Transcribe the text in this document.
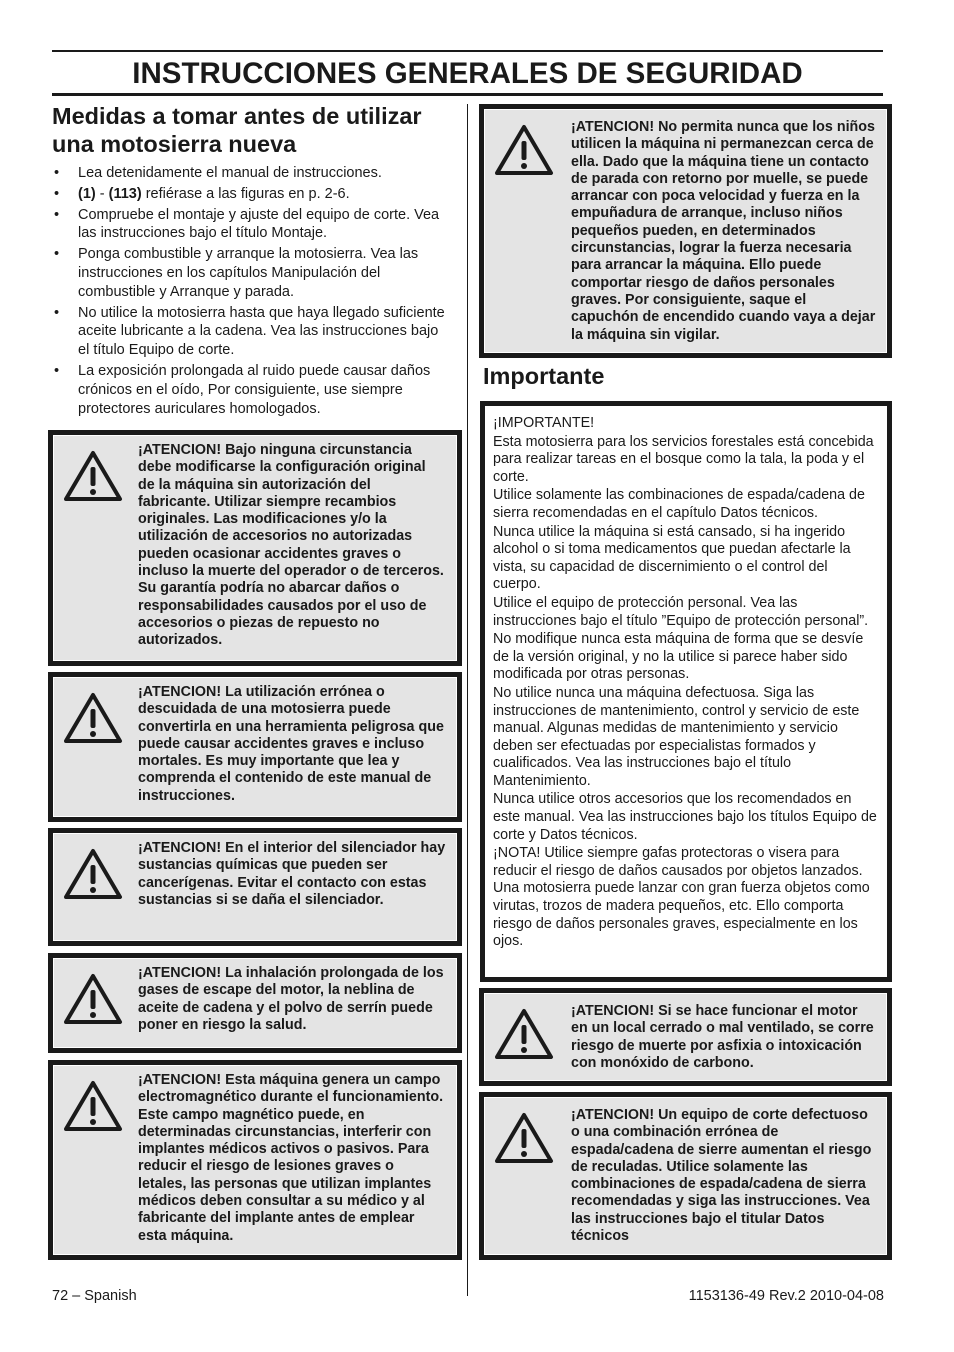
INSTRUCCIONES GENERALES DE SEGURIDAD
Medidas a tomar antes de utilizar una motosierra nueva
• Lea detenidamente el manual de instrucciones.
• (1) - (113) refiérase a las figuras en p. 2-6.
• Compruebe el montaje y ajuste del equipo de corte. Vea las instrucciones bajo el título Montaje.
• Ponga combustible y arranque la motosierra. Vea las instrucciones en los capítulos Manipulación del combustible y Arranque y parada.
• No utilice la motosierra hasta que haya llegado suficiente aceite lubricante a la cadena. Vea las instrucciones bajo el título Equipo de corte.
• La exposición prolongada al ruido puede causar daños crónicos en el oído, Por consiguiente, use siempre protectores auriculares homologados.

¡ATENCION! Bajo ninguna circunstancia debe modificarse la configuración original de la máquina sin autorización del fabricante. Utilizar siempre recambios originales. Las modificaciones y/o la utilización de accesorios no autorizadas pueden ocasionar accidentes graves o incluso la muerte del operador o de terceros. Su garantía podría no abarcar daños o responsabilidades causados por el uso de accesorios o piezas de repuesto no autorizados.

¡ATENCION! La utilización errónea o descuidada de una motosierra puede convertirla en una herramienta peligrosa que puede causar accidentes graves e incluso mortales. Es muy importante que lea y comprenda el contenido de este manual de instrucciones.

¡ATENCION! En el interior del silenciador hay sustancias químicas que pueden ser cancerígenas. Evitar el contacto con estas sustancias si se daña el silenciador.

¡ATENCION! La inhalación prolongada de los gases de escape del motor, la neblina de aceite de cadena y el polvo de serrín puede poner en riesgo la salud.

¡ATENCION! Esta máquina genera un campo electromagnético durante el funcionamiento. Este campo magnético puede, en determinadas circunstancias, interferir con implantes médicos activos o pasivos. Para reducir el riesgo de lesiones graves o letales, las personas que utilizan implantes médicos deben consultar a su médico y al fabricante del implante antes de emplear esta máquina.

¡ATENCION! No permita nunca que los niños utilicen la máquina ni permanezcan cerca de ella. Dado que la máquina tiene un contacto de parada con retorno por muelle, se puede arrancar con poca velocidad y fuerza en la empuñadura de arranque, incluso niños pequeños pueden, en determinados circunstancias, lograr la fuerza necesaria para arrancar la máquina. Ello puede comportar riesgo de daños personales graves. Por consiguiente, saque el capuchón de encendido cuando vaya a dejar la máquina sin vigilar.

Importante

¡IMPORTANTE!

Esta motosierra para los servicios forestales está concebida para realizar tareas en el bosque como la tala, la poda y el corte.

Utilice solamente las combinaciones de espada/cadena de sierra recomendadas en el capítulo Datos técnicos.

Nunca utilice la máquina si está cansado, si ha ingerido alcohol o si toma medicamentos que puedan afectarle la vista, su capacidad de discernimiento o el control del cuerpo.

Utilice el equipo de protección personal. Vea las instrucciones bajo el título ”Equipo de protección personal”.

No modifique nunca esta máquina de forma que se desvíe de la versión original, y no la utilice si parece haber sido modificada por otras personas.

No utilice nunca una máquina defectuosa. Siga las instrucciones de mantenimiento, control y servicio de este manual. Algunas medidas de mantenimiento y servicio deben ser efectuadas por especialistas formados y cualificados. Vea las instrucciones bajo el título Mantenimiento.

Nunca utilice otros accesorios que los recomendados en este manual. Vea las instrucciones bajo los títulos Equipo de corte y Datos técnicos.

¡NOTA! Utilice siempre gafas protectoras o visera para reducir el riesgo de daños causados por objetos lanzados. Una motosierra puede lanzar con gran fuerza objetos como virutas, trozos de madera pequeños, etc. Ello comporta riesgo de daños personales graves, especialmente en los ojos.

¡ATENCION! Si se hace funcionar el motor en un local cerrado o mal ventilado, se corre riesgo de muerte por asfixia o intoxicación con monóxido de carbono.

¡ATENCION! Un equipo de corte defectuoso o una combinación errónea de espada/cadena de sierre aumentan el riesgo de reculadas. Utilice solamente las combinaciones de espada/cadena de sierra recomendadas y siga las instrucciones. Vea las instrucciones bajo el titular Datos técnicos

72 – Spanish	1153136-49 Rev.2 2010-04-08
